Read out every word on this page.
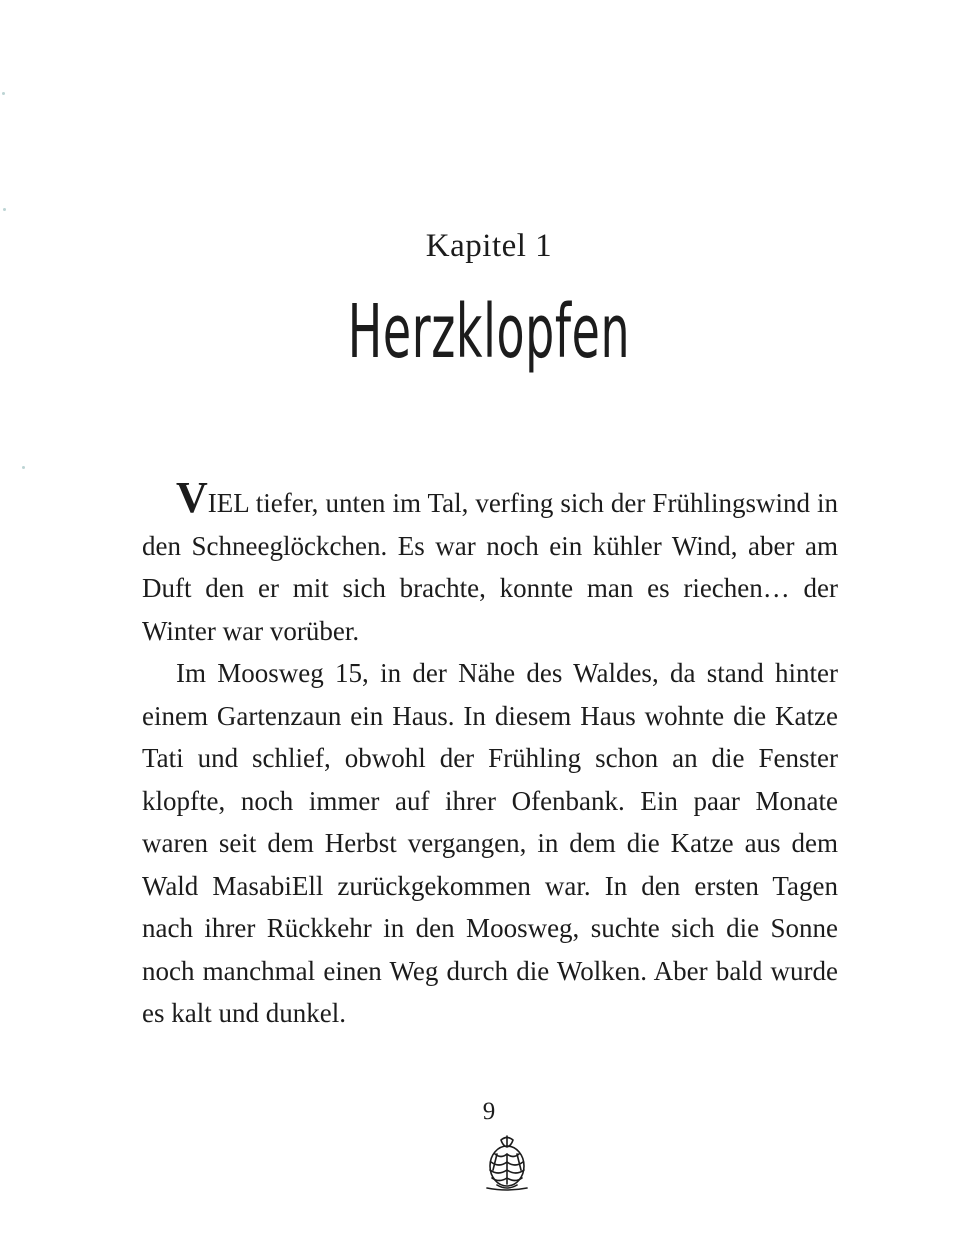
Kapitel 1
Herzklopfen

VIEL tiefer, unten im Tal, verfing sich der Frühlingswind in den Schneeglöckchen. Es war noch ein kühler Wind, aber am Duft den er mit sich brachte, konnte man es riechen… der Winter war vorüber.

Im Moosweg 15, in der Nähe des Waldes, da stand hinter einem Gartenzaun ein Haus. In diesem Haus wohnte die Katze Tati und schlief, obwohl der Frühling schon an die Fenster klopfte, noch immer auf ihrer Ofenbank. Ein paar Monate waren seit dem Herbst vergangen, in dem die Katze aus dem Wald MasabiEll zurückgekommen war. In den ersten Tagen nach ihrer Rückkehr in den Moosweg, suchte sich die Sonne noch manchmal einen Weg durch die Wolken. Aber bald wurde es kalt und dunkel.

9
